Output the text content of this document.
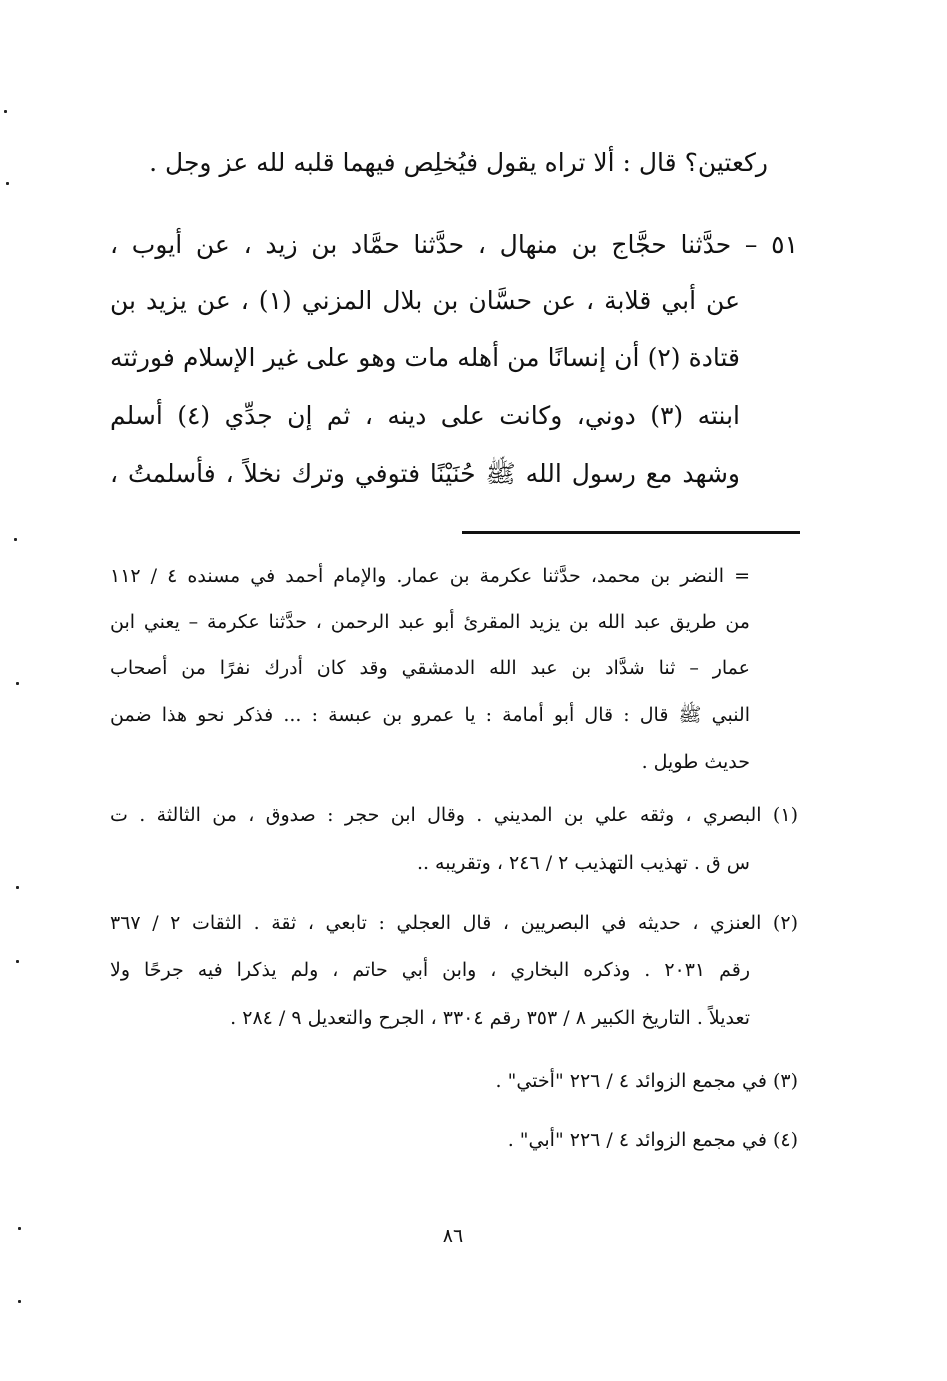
ركعتين؟ قال : ألا تراه يقول فيُخلِص فيهما قلبه لله عز وجل .
٥١ – حدَّثنا حجَّاج بن منهال ، حدَّثنا حمَّاد بن زيد ، عن أيوب ،
عن أبي قلابة ، عن حسَّان بن بلال المزني (١) ، عن يزيد بن
قتادة (٢) أن إنسانًا من أهله مات وهو على غير الإسلام فورثته
ابنته (٣) دوني، وكانت على دينه ، ثم إن جدِّي (٤) أسلم
وشهد مع رسول الله ﷺ حُنَيْنًا فتوفي وترك نخلاً ، فأسلمتُ ،
= النضر بن محمد، حدَّثنا عكرمة بن عمار. والإمام أحمد في مسنده ٤ / ١١٢
من طريق عبد الله بن يزيد المقرئ أبو عبد الرحمن ، حدَّثنا عكرمة – يعني ابن
عمار – ثنا شدَّاد بن عبد الله الدمشقي وقد كان أدرك نفرًا من أصحاب
النبي ﷺ قال : قال أبو أمامة : يا عمرو بن عبسة : ... فذكر نحو هذا ضمن
حديث طويل .
(١) البصري ، وثقه علي بن المديني . وقال ابن حجر : صدوق ، من الثالثة . ت
س ق . تهذيب التهذيب ٢ / ٢٤٦ ، وتقريبه ..
(٢) العنزي ، حديثه في البصريين ، قال العجلي : تابعي ، ثقة . الثقات ٢ / ٣٦٧
رقم ٢٠٣١ . وذكره البخاري ، وابن أبي حاتم ، ولم يذكرا فيه جرحًا ولا
تعديلاً . التاريخ الكبير ٨ / ٣٥٣ رقم ٣٣٠٤ ، الجرح والتعديل ٩ / ٢٨٤ .
(٣) في مجمع الزوائد ٤ / ٢٢٦ "أختي" .
(٤) في مجمع الزوائد ٤ / ٢٢٦ "أبي" .
٨٦
